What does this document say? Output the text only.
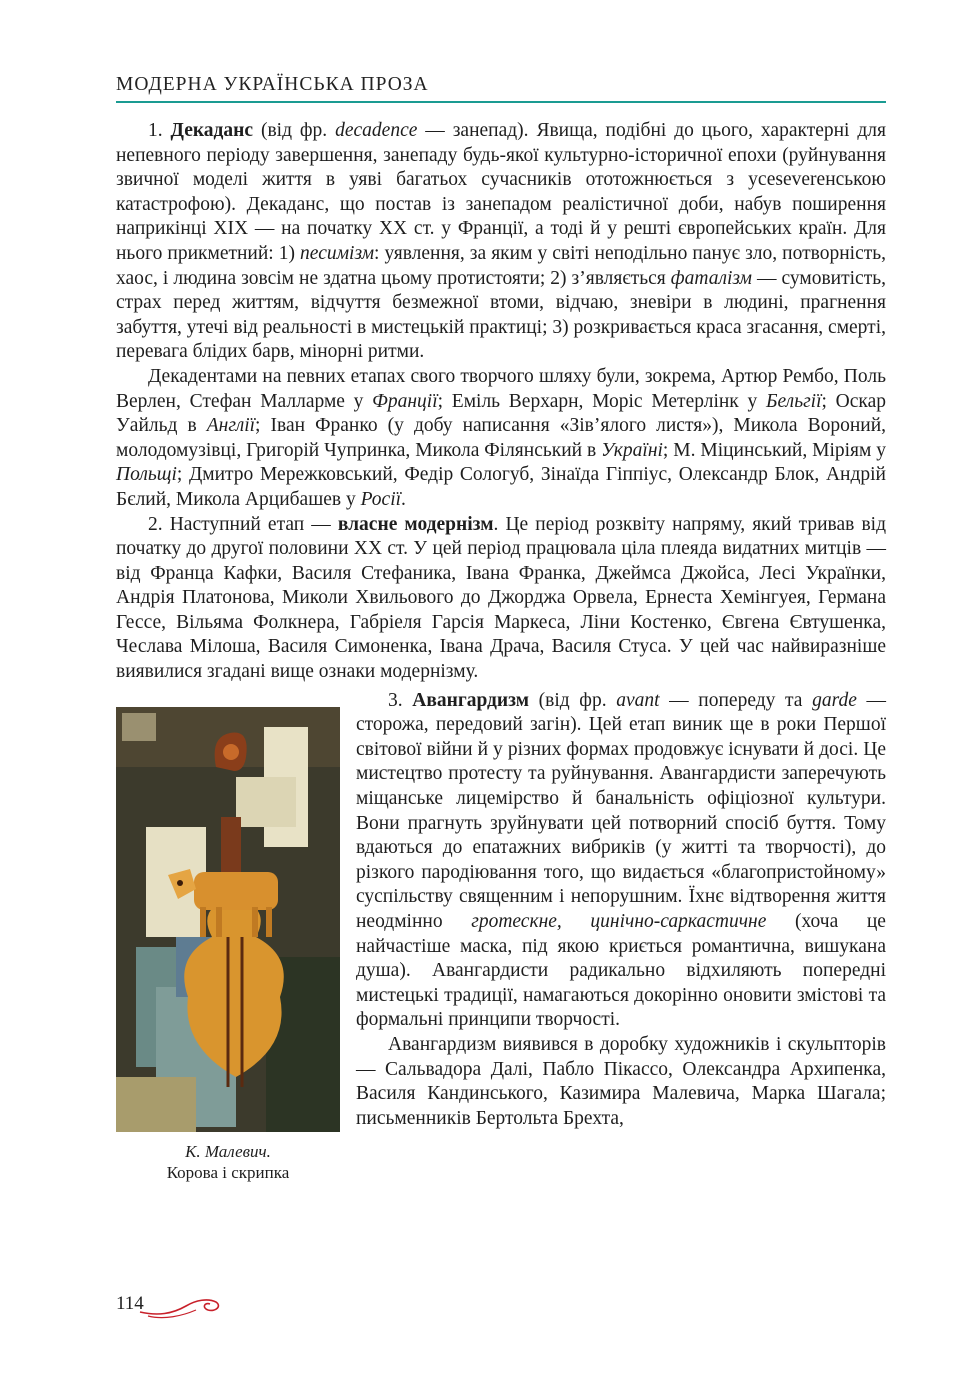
МОДЕРНА УКРАЇНСЬКА ПРОЗА

1. Декаданс (від фр. decadence — занепад). Явища, подібні до цього, характерні для непевного періоду завершення, занепаду будь-якої культурно-історичної епохи (руйнування звичної моделі життя в уяві багатьох сучасників ототожнюється з усеseverенською катастрофою). Декаданс, що постав із занепадом реалістичної доби, набув поширення наприкінці XIX — на початку XX ст. у Франції, а тоді й у решті європейських країн. Для нього прикметний: 1) песимізм: уявлення, за яким у світі неподільно панує зло, потворність, хаос, і людина зовсім не здатна цьому протистояти; 2) з’являється фаталізм — сумовитість, страх перед життям, відчуття безмежної втоми, відчаю, зневіри в людині, прагнення забуття, утечі від реальності в мистецькій практиці; 3) розкривається краса згасання, смерті, перевага блідих барв, мінорні ритми.

Декадентами на певних етапах свого творчого шляху були, зокрема, Артюр Рембо, Поль Верлен, Стефан Малларме у Франції; Еміль Верхарн, Моріс Метерлінк у Бельгії; Оскар Уайльд в Англії; Іван Франко (у добу написання «Зів’ялого листя»), Микола Вороний, молодомузівці, Григорій Чупринка, Микола Філянський в Україні; М. Міцинський, Міріям у Польщі; Дмитро Мережковський, Федір Сологуб, Зінаїда Гіппіус, Олександр Блок, Андрій Бєлий, Микола Арцибашев у Росії.

2. Наступний етап — власне модернізм. Це період розквіту напряму, який тривав від початку до другої половини XX ст. У цей період працювала ціла плеяда видатних митців — від Франца Кафки, Василя Стефаника, Івана Франка, Джеймса Джойса, Лесі Українки, Андрія Платонова, Миколи Хвильового до Джорджа Орвела, Ернеста Хемінгуея, Германа Гессе, Вільяма Фолкнера, Габріеля Гарсія Маркеса, Ліни Костенко, Євгена Євтушенка, Чеслава Мілоша, Василя Симоненка, Івана Драча, Василя Стуса. У цей час найвиразніше виявилися згадані вище ознаки модернізму.

К. Малевич.
Корова і скрипка

3. Авангардизм (від фр. avant — попереду та garde — сторожа, передовий загін). Цей етап виник ще в роки Першої світової війни й у різних формах продовжує існувати й досі. Це мистецтво протесту та руйнування. Авангардисти заперечують міщанське лицемірство й банальність офіціозної культури. Вони прагнуть зруйнувати цей потворний спосіб буття. Тому вдаються до епатажних вибриків (у житті та творчості), до різкого пародіювання того, що видається «благопристойному» суспільству священним і непорушним. Їхнє відтворення життя неодмінно гротескне, цинічно-саркастичне (хоча це найчастіше маска, під якою криється романтична, вишукана душа). Авангардисти радикально відхиляють попередні мистецькі традиції, намагаються докорінно оновити змістові та формальні принципи творчості.

Авангардизм виявився в доробку художників і скульпторів — Сальвадора Далі, Пабло Пікассо, Олександра Архипенка, Василя Кандинського, Казимира Малевича, Марка Шагала; письменників Бертольта Брехта,

114
